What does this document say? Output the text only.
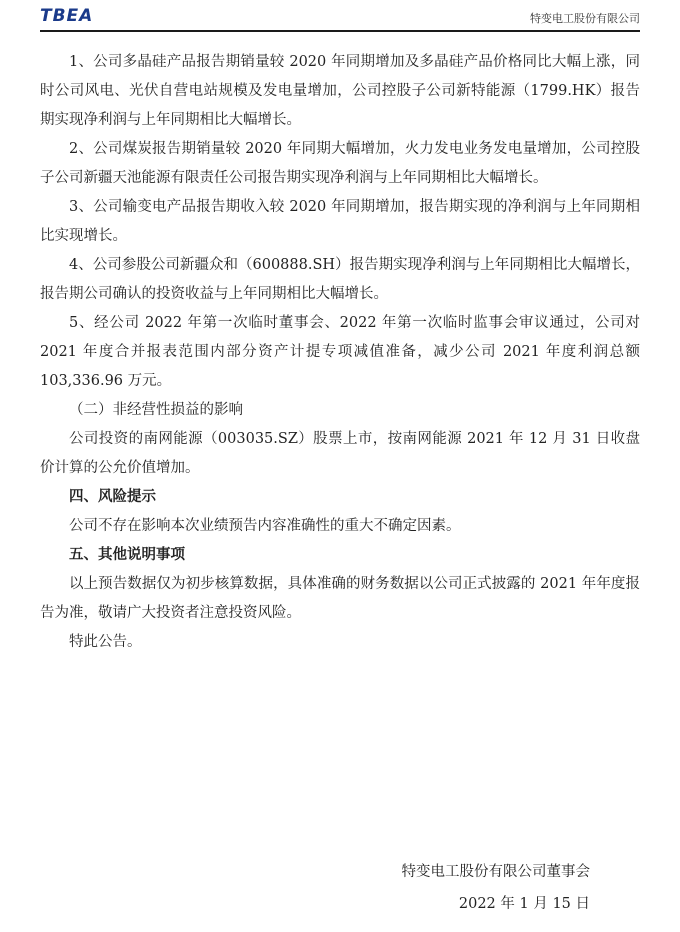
TBEA	特变电工股份有限公司

1、公司多晶硅产品报告期销量较 2020 年同期增加及多晶硅产品价格同比大幅上涨，同时公司风电、光伏自营电站规模及发电量增加，公司控股子公司新特能源（1799.HK）报告期实现净利润与上年同期相比大幅增长。

2、公司煤炭报告期销量较 2020 年同期大幅增加，火力发电业务发电量增加，公司控股子公司新疆天池能源有限责任公司报告期实现净利润与上年同期相比大幅增长。

3、公司输变电产品报告期收入较 2020 年同期增加，报告期实现的净利润与上年同期相比实现增长。

4、公司参股公司新疆众和（600888.SH）报告期实现净利润与上年同期相比大幅增长，报告期公司确认的投资收益与上年同期相比大幅增长。

5、经公司 2022 年第一次临时董事会、2022 年第一次临时监事会审议通过，公司对 2021 年度合并报表范围内部分资产计提专项减值准备，减少公司 2021 年度利润总额 103,336.96 万元。

（二）非经营性损益的影响

公司投资的南网能源（003035.SZ）股票上市，按南网能源 2021 年 12 月 31 日收盘价计算的公允价值增加。

四、风险提示

公司不存在影响本次业绩预告内容准确性的重大不确定因素。

五、其他说明事项

以上预告数据仅为初步核算数据，具体准确的财务数据以公司正式披露的 2021 年年度报告为准，敬请广大投资者注意投资风险。

特此公告。

特变电工股份有限公司董事会
2022 年 1 月 15 日
